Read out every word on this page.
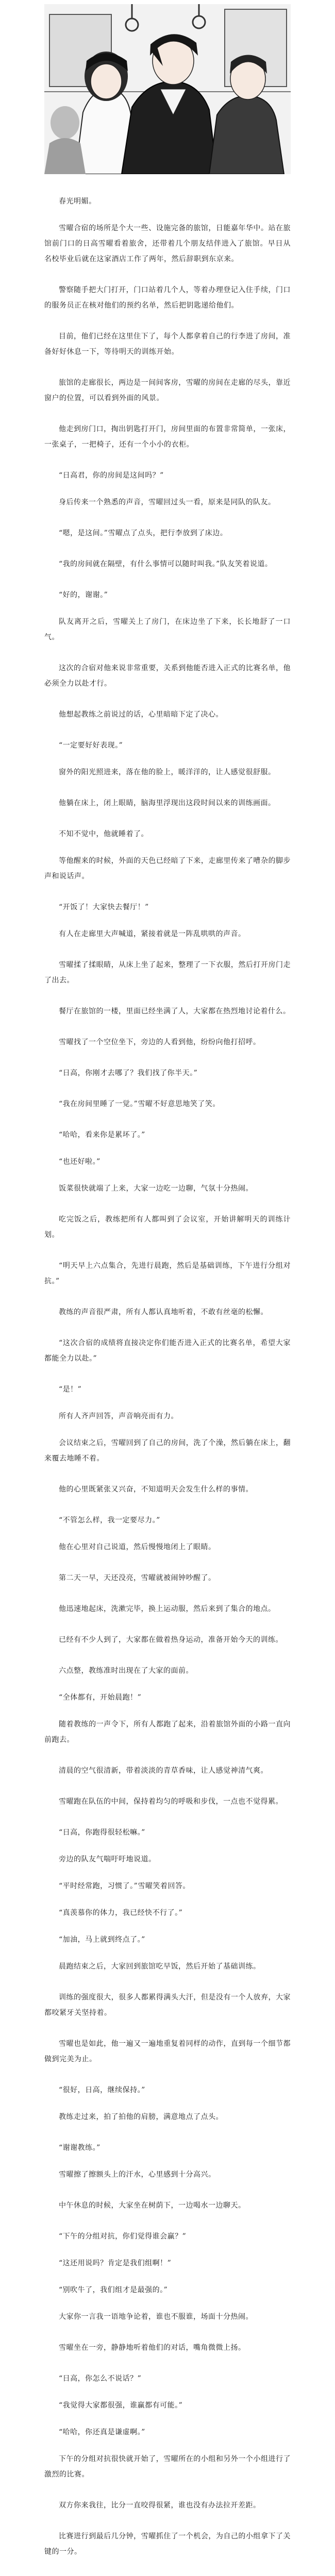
春光明媚。

雪曜合宿的场所是个大一些、设施完备的旅馆，日能嘉年华中。站在旅馆前门口的日高雪曜看着旅舍，还带着几个朋友结伴进入了旅馆。早日从名校毕业后就在这家酒店工作了两年，然后辞职到东京来。

警察随手把大门打开，门口站着几个人，等着办理登记入住手续，门口的服务员正在核对他们的预约名单，然后把钥匙递给他们。

目前，他们已经在这里住下了，每个人都拿着自己的行李进了房间，准备好好休息一下，等待明天的训练开始。

旅馆的走廊很长，两边是一间间客房，雪曜的房间在走廊的尽头，靠近窗户的位置，可以看到外面的风景。

他走到房门口，掏出钥匙打开门，房间里面的布置非常简单，一张床，一张桌子，一把椅子，还有一个小小的衣柜。

“日高君，你的房间是这间吗？”

身后传来一个熟悉的声音，雪曜回过头一看，原来是同队的队友。

“嗯，是这间。”雪曜点了点头，把行李放到了床边。

“我的房间就在隔壁，有什么事情可以随时叫我。”队友笑着说道。

“好的，谢谢。”

队友离开之后，雪曜关上了房门，在床边坐了下来，长长地舒了一口气。

这次的合宿对他来说非常重要，关系到他能否进入正式的比赛名单，他必须全力以赴才行。

他想起教练之前说过的话，心里暗暗下定了决心。

“一定要好好表现。”

窗外的阳光照进来，落在他的脸上，暖洋洋的，让人感觉很舒服。

他躺在床上，闭上眼睛，脑海里浮现出这段时间以来的训练画面。

不知不觉中，他就睡着了。

等他醒来的时候，外面的天色已经暗了下来，走廊里传来了嘈杂的脚步声和说话声。

“开饭了！大家快去餐厅！”

有人在走廊里大声喊道，紧接着就是一阵乱哄哄的声音。

雪曜揉了揉眼睛，从床上坐了起来，整理了一下衣服，然后打开房门走了出去。

餐厅在旅馆的一楼，里面已经坐满了人，大家都在热烈地讨论着什么。

雪曜找了一个空位坐下，旁边的人看到他，纷纷向他打招呼。

“日高，你刚才去哪了？我们找了你半天。”

“我在房间里睡了一觉。”雪曜不好意思地笑了笑。

“哈哈，看来你是累坏了。”

“也还好啦。”

饭菜很快就端了上来，大家一边吃一边聊，气氛十分热闹。

吃完饭之后，教练把所有人都叫到了会议室，开始讲解明天的训练计划。

“明天早上六点集合，先进行晨跑，然后是基础训练，下午进行分组对抗。”

教练的声音很严肃，所有人都认真地听着，不敢有丝毫的松懈。

“这次合宿的成绩将直接决定你们能否进入正式的比赛名单，希望大家都能全力以赴。”

“是！”

所有人齐声回答，声音响亮而有力。

会议结束之后，雪曜回到了自己的房间，洗了个澡，然后躺在床上，翻来覆去地睡不着。

他的心里既紧张又兴奋，不知道明天会发生什么样的事情。

“不管怎么样，我一定要尽力。”

他在心里对自己说道，然后慢慢地闭上了眼睛。

第二天一早，天还没亮，雪曜就被闹钟吵醒了。

他迅速地起床，洗漱完毕，换上运动服，然后来到了集合的地点。

已经有不少人到了，大家都在做着热身运动，准备开始今天的训练。

六点整，教练准时出现在了大家的面前。

“全体都有，开始晨跑！”

随着教练的一声令下，所有人都跑了起来，沿着旅馆外面的小路一直向前跑去。

清晨的空气很清新，带着淡淡的青草香味，让人感觉神清气爽。

雪曜跑在队伍的中间，保持着均匀的呼吸和步伐，一点也不觉得累。

“日高，你跑得很轻松嘛。”

旁边的队友气喘吁吁地说道。

“平时经常跑，习惯了。”雪曜笑着回答。

“真羡慕你的体力，我已经快不行了。”

“加油，马上就到终点了。”

晨跑结束之后，大家回到旅馆吃早饭，然后开始了基础训练。

训练的强度很大，很多人都累得满头大汗，但是没有一个人放弃，大家都咬紧牙关坚持着。

雪曜也是如此，他一遍又一遍地重复着同样的动作，直到每一个细节都做到完美为止。

“很好，日高，继续保持。”

教练走过来，拍了拍他的肩膀，满意地点了点头。

“谢谢教练。”

雪曜擦了擦额头上的汗水，心里感到十分高兴。

中午休息的时候，大家坐在树荫下，一边喝水一边聊天。

“下午的分组对抗，你们觉得谁会赢？”

“这还用说吗？肯定是我们组啊！”

“别吹牛了，我们组才是最强的。”

大家你一言我一语地争论着，谁也不服谁，场面十分热闹。

雪曜坐在一旁，静静地听着他们的对话，嘴角微微上扬。

“日高，你怎么不说话？”

“我觉得大家都很强，谁赢都有可能。”

“哈哈，你还真是谦虚啊。”

下午的分组对抗很快就开始了，雪曜所在的小组和另外一个小组进行了激烈的比赛。

双方你来我往，比分一直咬得很紧，谁也没有办法拉开差距。

比赛进行到最后几分钟，雪曜抓住了一个机会，为自己的小组拿下了关键的一分。
